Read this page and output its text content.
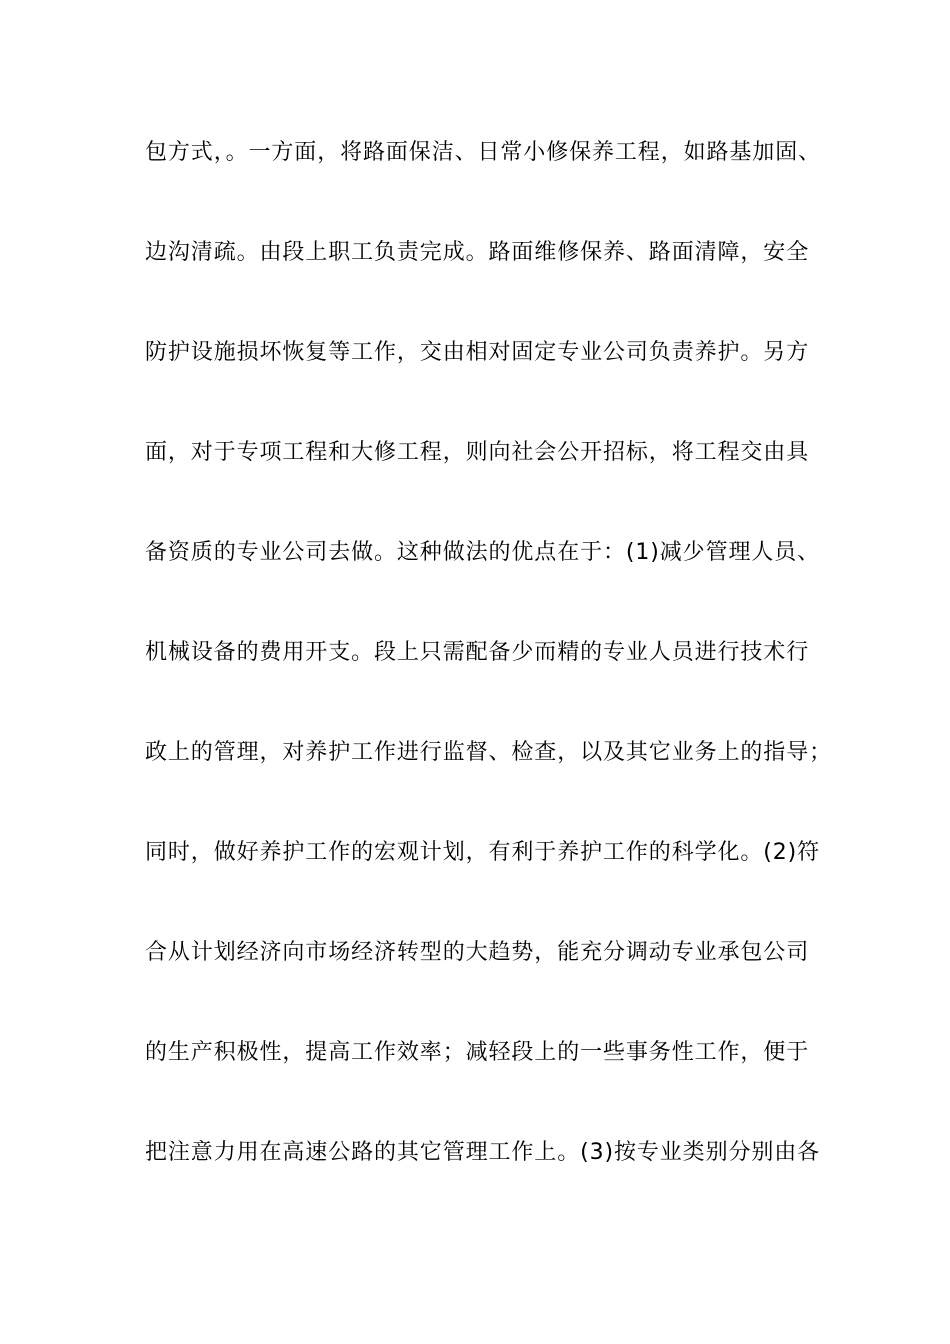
包方式，。一方面，将路面保洁、日常小修保养工程，如路基加固、
边沟清疏。由段上职工负责完成。路面维修保养、路面清障，安全
防护设施损坏恢复等工作，交由相对固定专业公司负责养护。另方
面，对于专项工程和大修工程，则向社会公开招标，将工程交由具
备资质的专业公司去做。这种做法的优点在于：(1)减少管理人员、
机械设备的费用开支。段上只需配备少而精的专业人员进行技术行
政上的管理，对养护工作进行监督、检查，以及其它业务上的指导；
同时，做好养护工作的宏观计划，有利于养护工作的科学化。(2)符
合从计划经济向市场经济转型的大趋势，能充分调动专业承包公司
的生产积极性，提高工作效率；减轻段上的一些事务性工作，便于
把注意力用在高速公路的其它管理工作上。(3)按专业类别分别由各
